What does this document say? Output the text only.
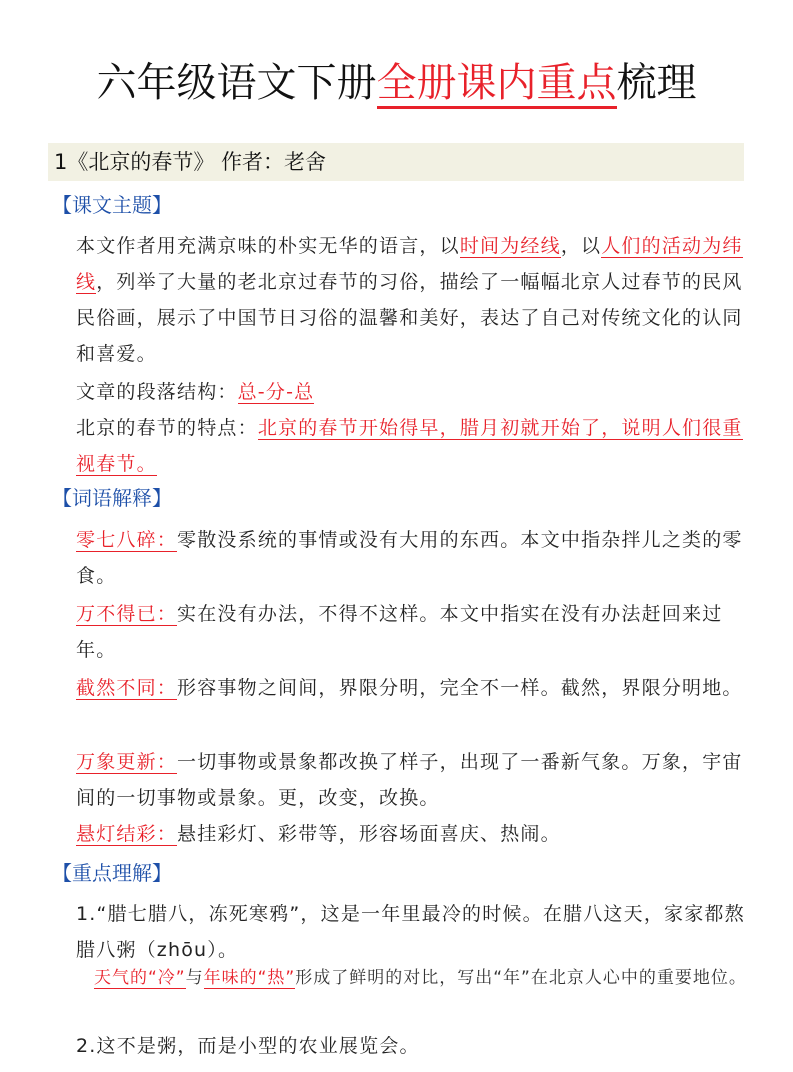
六年级语文下册全册课内重点梳理
1《北京的春节》 作者：老舍
【课文主题】
本文作者用充满京味的朴实无华的语言，以时间为经线，以人们的活动为纬线，列举了大量的老北京过春节的习俗，描绘了一幅幅北京人过春节的民风民俗画，展示了中国节日习俗的温馨和美好，表达了自己对传统文化的认同和喜爱。
文章的段落结构：总-分-总
北京的春节的特点：北京的春节开始得早，腊月初就开始了，说明人们很重视春节。
【词语解释】
零七八碎：零散没系统的事情或没有大用的东西。本文中指杂拌儿之类的零食。
万不得已：实在没有办法，不得不这样。本文中指实在没有办法赶回来过年。
截然不同：形容事物之间间，界限分明，完全不一样。截然，界限分明地。
万象更新：一切事物或景象都改换了样子，出现了一番新气象。万象，宇宙间的一切事物或景象。更，改变，改换。
悬灯结彩：悬挂彩灯、彩带等，形容场面喜庆、热闹。
【重点理解】
1.“腊七腊八，冻死寒鸦”，这是一年里最冷的时候。在腊八这天，家家都熬腊八粥（zhōu）。
天气的“冷”与年味的“热”形成了鲜明的对比，写出“年”在北京人心中的重要地位。
2.这不是粥，而是小型的农业展览会。
